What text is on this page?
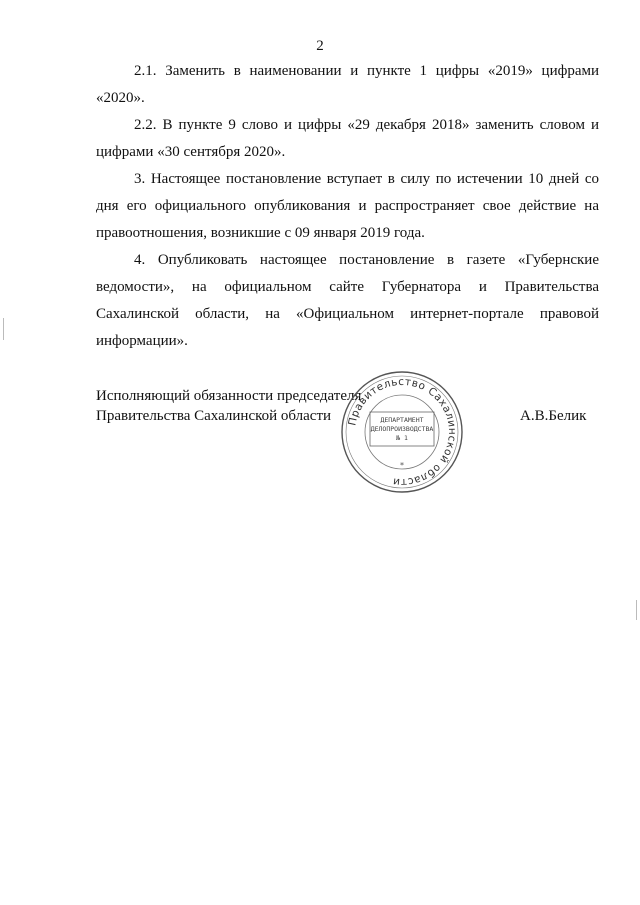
2

2.1. Заменить в наименовании и пункте 1 цифры «2019» цифрами «2020».

2.2. В пункте 9 слово и цифры «29 декабря 2018» заменить словом и цифрами «30 сентября 2020».

3. Настоящее постановление вступает в силу по истечении 10 дней со дня его официального опубликования и распространяет свое действие на правоотношения, возникшие с 09 января 2019 года.

4. Опубликовать настоящее постановление в газете «Губернские ведомости», на официальном сайте Губернатора и Правительства Сахалинской области, на «Официальном интернет-портале правовой информации».

Исполняющий обязанности председателя
Правительства Сахалинской области	А.В.Белик
Правительство Сахалинской области
ДЕПАРТАМЕНТ
ДЕЛОПРОИЗВОДСТВА
№ 1
*
